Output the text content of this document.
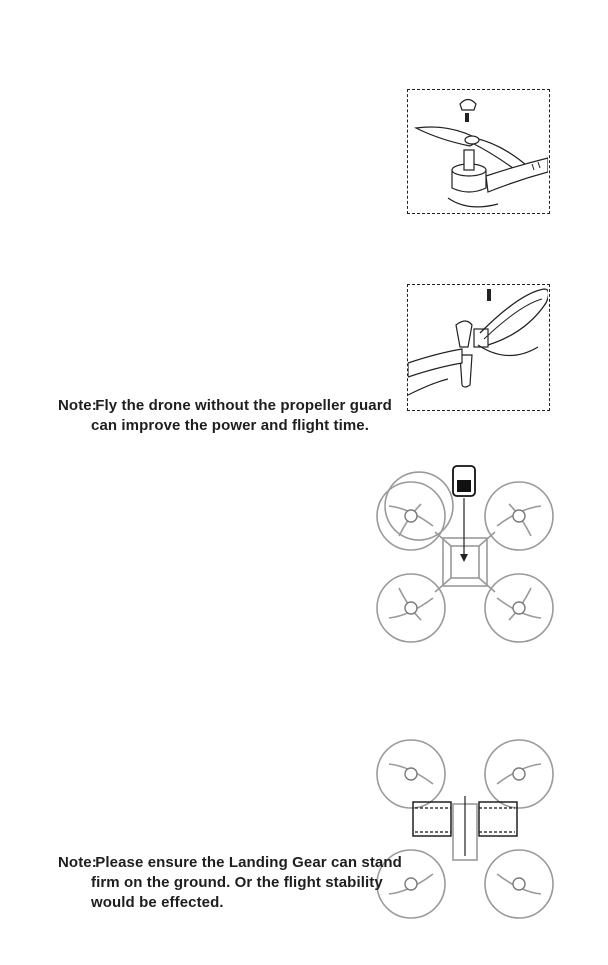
Note: Fly the drone without the propeller guard
can improve the power and flight time.
Note: Please ensure the Landing Gear can stand
firm on the ground. Or the flight stability
would be effected.
